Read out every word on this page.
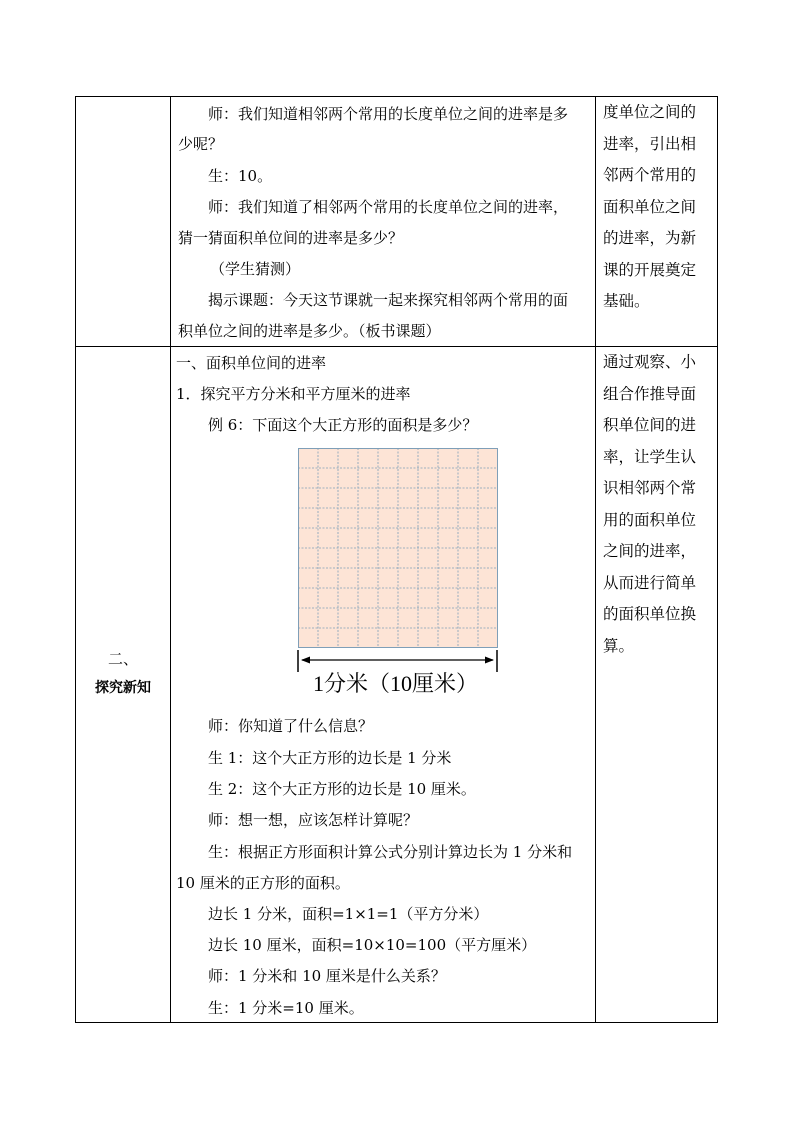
师：我们知道相邻两个常用的长度单位之间的进率是多
少呢？
生：10。
师：我们知道了相邻两个常用的长度单位之间的进率，
猜一猜面积单位间的进率是多少？
（学生猜测）
揭示课题：今天这节课就一起来探究相邻两个常用的面
积单位之间的进率是多少。（板书课题）
度单位之间的
进率，引出相
邻两个常用的
面积单位之间
的进率，为新
课的开展奠定
基础。
二、
探究新知
一、面积单位间的进率
1．探究平方分米和平方厘米的进率
例 6：下面这个大正方形的面积是多少？
1分米（10厘米）
师：你知道了什么信息？
生 1：这个大正方形的边长是 1 分米
生 2：这个大正方形的边长是 10 厘米。
师：想一想，应该怎样计算呢？
生：根据正方形面积计算公式分别计算边长为 1 分米和
10 厘米的正方形的面积。
边长 1 分米，面积=1×1=1（平方分米）
边长 10 厘米，面积=10×10=100（平方厘米）
师：1 分米和 10 厘米是什么关系？
生：1 分米=10 厘米。
通过观察、小
组合作推导面
积单位间的进
率，让学生认
识相邻两个常
用的面积单位
之间的进率，
从而进行简单
的面积单位换
算。
